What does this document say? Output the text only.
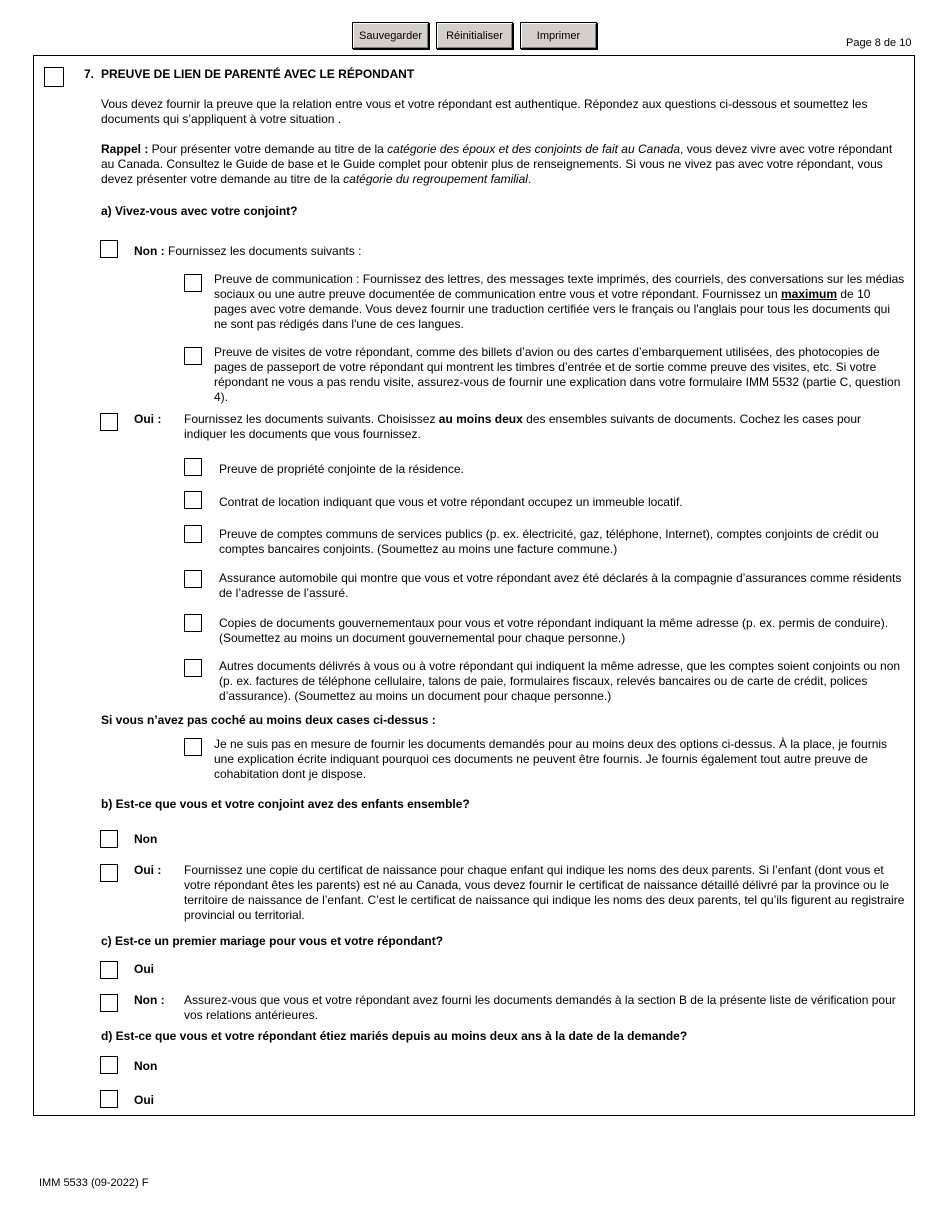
Sauvegarder	Réinitialiser	Imprimer
Page 8 de 10
7. PREUVE DE LIEN DE PARENTÉ AVEC LE RÉPONDANT
Vous devez fournir la preuve que la relation entre vous et votre répondant est authentique. Répondez aux questions ci-dessous et soumettez les documents qui s’appliquent à votre situation .
Rappel : Pour présenter votre demande au titre de la catégorie des époux et des conjoints de fait au Canada, vous devez vivre avec votre répondant au Canada. Consultez le Guide de base et le Guide complet pour obtenir plus de renseignements. Si vous ne vivez pas avec votre répondant, vous devez présenter votre demande au titre de la catégorie du regroupement familial.
a) Vivez-vous avec votre conjoint?
Non : Fournissez les documents suivants :
Preuve de communication : Fournissez des lettres, des messages texte imprimés, des courriels, des conversations sur les médias sociaux ou une autre preuve documentée de communication entre vous et votre répondant. Fournissez un maximum de 10 pages avec votre demande. Vous devez fournir une traduction certifiée vers le français ou l'anglais pour tous les documents qui ne sont pas rédigés dans l'une de ces langues.
Preuve de visites de votre répondant, comme des billets d’avion ou des cartes d’embarquement utilisées, des photocopies de pages de passeport de votre répondant qui montrent les timbres d’entrée et de sortie comme preuve des visites, etc. Si votre répondant ne vous a pas rendu visite, assurez-vous de fournir une explication dans votre formulaire IMM 5532 (partie C, question 4).
Oui : Fournissez les documents suivants. Choisissez au moins deux des ensembles suivants de documents. Cochez les cases pour indiquer les documents que vous fournissez.
Preuve de propriété conjointe de la résidence.
Contrat de location indiquant que vous et votre répondant occupez un immeuble locatif.
Preuve de comptes communs de services publics (p. ex. électricité, gaz, téléphone, Internet), comptes conjoints de crédit ou comptes bancaires conjoints. (Soumettez au moins une facture commune.)
Assurance automobile qui montre que vous et votre répondant avez été déclarés à la compagnie d’assurances comme résidents de l’adresse de l’assuré.
Copies de documents gouvernementaux pour vous et votre répondant indiquant la même adresse (p. ex. permis de conduire). (Soumettez au moins un document gouvernemental pour chaque personne.)
Autres documents délivrés à vous ou à votre répondant qui indiquent la même adresse, que les comptes soient conjoints ou non (p. ex. factures de téléphone cellulaire, talons de paie, formulaires fiscaux, relevés bancaires ou de carte de crédit, polices d’assurance). (Soumettez au moins un document pour chaque personne.)
Si vous n’avez pas coché au moins deux cases ci-dessus :
Je ne suis pas en mesure de fournir les documents demandés pour au moins deux des options ci-dessus. À la place, je fournis une explication écrite indiquant pourquoi ces documents ne peuvent être fournis. Je fournis également tout autre preuve de cohabitation dont je dispose.
b) Est-ce que vous et votre conjoint avez des enfants ensemble?
Non
Oui : Fournissez une copie du certificat de naissance pour chaque enfant qui indique les noms des deux parents. Si l’enfant (dont vous et votre répondant êtes les parents) est né au Canada, vous devez fournir le certificat de naissance détaillé délivré par la province ou le territoire de naissance de l’enfant. C’est le certificat de naissance qui indique les noms des deux parents, tel qu’ils figurent au registraire provincial ou territorial.
c) Est-ce un premier mariage pour vous et votre répondant?
Oui
Non : Assurez-vous que vous et votre répondant avez fourni les documents demandés à la section B de la présente liste de vérification pour vos relations antérieures.
d) Est-ce que vous et votre répondant étiez mariés depuis au moins deux ans à la date de la demande?
Non
Oui
IMM 5533 (09-2022) F
